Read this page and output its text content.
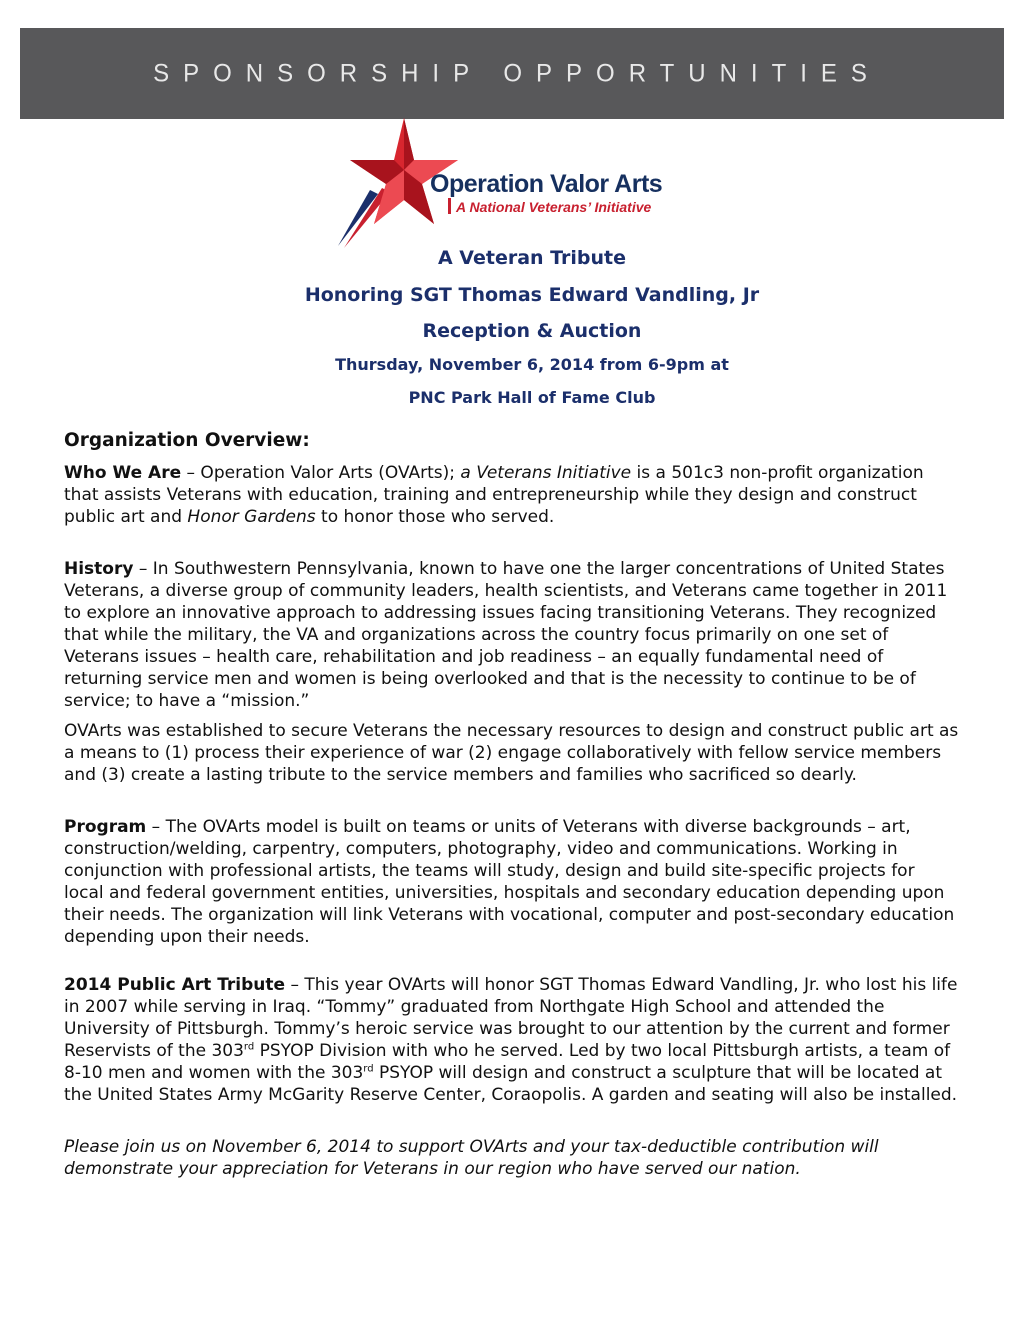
SPONSORSHIP OPPORTUNITIES
Operation Valor Arts
A National Veterans’ Initiative

A Veteran Tribute

Honoring SGT Thomas Edward Vandling, Jr

Reception & Auction

Thursday, November 6, 2014 from 6-9pm at

PNC Park Hall of Fame Club

Organization Overview:

Who We Are – Operation Valor Arts (OVArts); a Veterans Initiative is a 501c3 non-profit organization that assists Veterans with education, training and entrepreneurship while they design and construct public art and Honor Gardens to honor those who served.

History – In Southwestern Pennsylvania, known to have one the larger concentrations of United States Veterans, a diverse group of community leaders, health scientists, and Veterans came together in 2011 to explore an innovative approach to addressing issues facing transitioning Veterans. They recognized that while the military, the VA and organizations across the country focus primarily on one set of Veterans issues – health care, rehabilitation and job readiness – an equally fundamental need of returning service men and women is being overlooked and that is the necessity to continue to be of service; to have a “mission.”

OVArts was established to secure Veterans the necessary resources to design and construct public art as a means to (1) process their experience of war (2) engage collaboratively with fellow service members and (3) create a lasting tribute to the service members and families who sacrificed so dearly.

Program – The OVArts model is built on teams or units of Veterans with diverse backgrounds – art, construction/welding, carpentry, computers, photography, video and communications. Working in conjunction with professional artists, the teams will study, design and build site-specific projects for local and federal government entities, universities, hospitals and secondary education depending upon their needs. The organization will link Veterans with vocational, computer and post-secondary education depending upon their needs.

2014 Public Art Tribute – This year OVArts will honor SGT Thomas Edward Vandling, Jr. who lost his life in 2007 while serving in Iraq. “Tommy” graduated from Northgate High School and attended the University of Pittsburgh. Tommy’s heroic service was brought to our attention by the current and former Reservists of the 303rd PSYOP Division with who he served. Led by two local Pittsburgh artists, a team of 8-10 men and women with the 303rd PSYOP will design and construct a sculpture that will be located at the United States Army McGarity Reserve Center, Coraopolis. A garden and seating will also be installed.

Please join us on November 6, 2014 to support OVArts and your tax-deductible contribution will demonstrate your appreciation for Veterans in our region who have served our nation.
